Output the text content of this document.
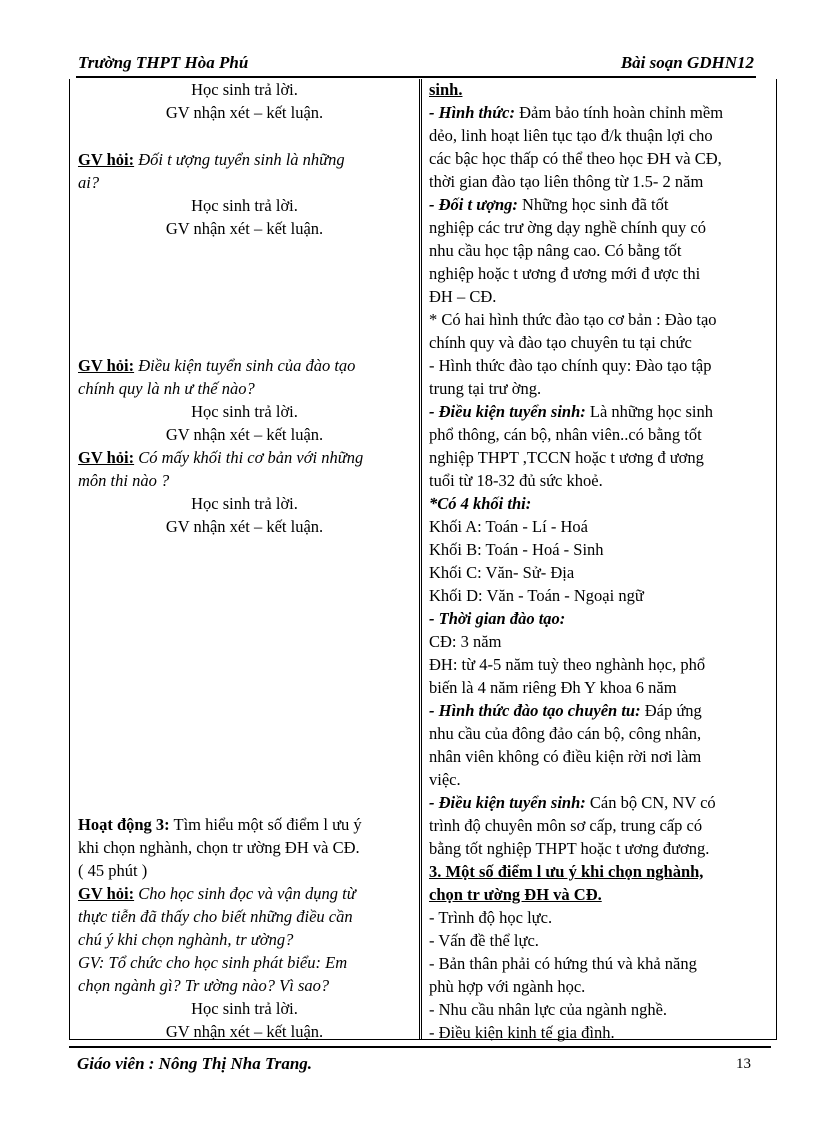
Trường THPT Hòa Phú	Bài soạn GDHN12
Học sinh trả lời.
GV nhận xét – kết luận.
GV hỏi: Đối t ượng tuyển sinh là những
ai?
Học sinh trả lời.
GV nhận xét – kết luận.
GV hỏi: Điều kiện tuyển sinh của đào tạo
chính quy là nh ư thế nào?
Học sinh trả lời.
GV nhận xét – kết luận.
GV hỏi: Có mấy khối thi cơ bản với những
môn thi nào ?
Học sinh trả lời.
GV nhận xét – kết luận.
Hoạt động 3: Tìm hiểu một số điểm l ưu ý
khi chọn nghành, chọn tr ường ĐH và CĐ.
( 45 phút )
GV hỏi: Cho học sinh đọc và vận dụng từ
thực tiễn đã thấy cho biết những điều cần
chú ý khi chọn nghành, tr ường?
GV: Tổ chức cho học sinh phát biểu: Em
chọn ngành gì? Tr ường nào? Vì sao?
Học sinh trả lời.
GV nhận xét – kết luận.
sinh.
- Hình thức: Đảm bảo tính hoàn chỉnh mềm
dẻo, linh hoạt liên tục tạo đ/k thuận lợi cho
các bậc học thấp có thể theo học ĐH và CĐ,
thời gian đào tạo liên thông từ 1.5- 2 năm
- Đối t ượng: Những học sinh đã tốt
nghiệp các trư ờng dạy nghề chính quy có
nhu cầu học tập nâng cao. Có bằng tốt
nghiệp hoặc t ương đ ương mới đ ược thi
ĐH – CĐ.
* Có hai hình thức đào tạo cơ bản : Đào tạo
chính quy và đào tạo chuyên tu tại chức
- Hình thức đào tạo chính quy: Đào tạo tập
trung tại trư ờng.
- Điều kiện tuyển sinh: Là những học sinh
phổ thông, cán bộ, nhân viên..có bằng tốt
nghiệp THPT ,TCCN hoặc t ương đ ương
tuổi từ 18-32 đủ sức khoẻ.
*Có 4 khối thi:
Khối A: Toán - Lí - Hoá
Khối B: Toán - Hoá - Sinh
Khối C: Văn- Sử- Địa
Khối D: Văn - Toán - Ngoại ngữ
- Thời gian đào tạo:
CĐ: 3 năm
ĐH: từ 4-5 năm tuỳ theo nghành học, phổ
biến là 4 năm riêng Đh Y khoa 6 năm
- Hình thức đào tạo chuyên tu: Đáp ứng
nhu cầu của đông đảo cán bộ, công nhân,
nhân viên không có điều kiện rời nơi làm
việc.
- Điều kiện tuyển sinh: Cán bộ CN, NV có
trình độ chuyên môn sơ cấp, trung cấp có
bằng tốt nghiệp THPT hoặc t ương đương.
3. Một số điểm l ưu ý khi chọn nghành,
chọn tr ường ĐH và CĐ.
- Trình độ học lực.
- Vấn đề thể lực.
- Bản thân phải có hứng thú và khả năng
phù hợp với ngành học.
- Nhu cầu nhân lực của ngành nghề.
- Điều kiện kinh tế gia đình.
Giáo viên : Nông Thị Nha Trang.	13
